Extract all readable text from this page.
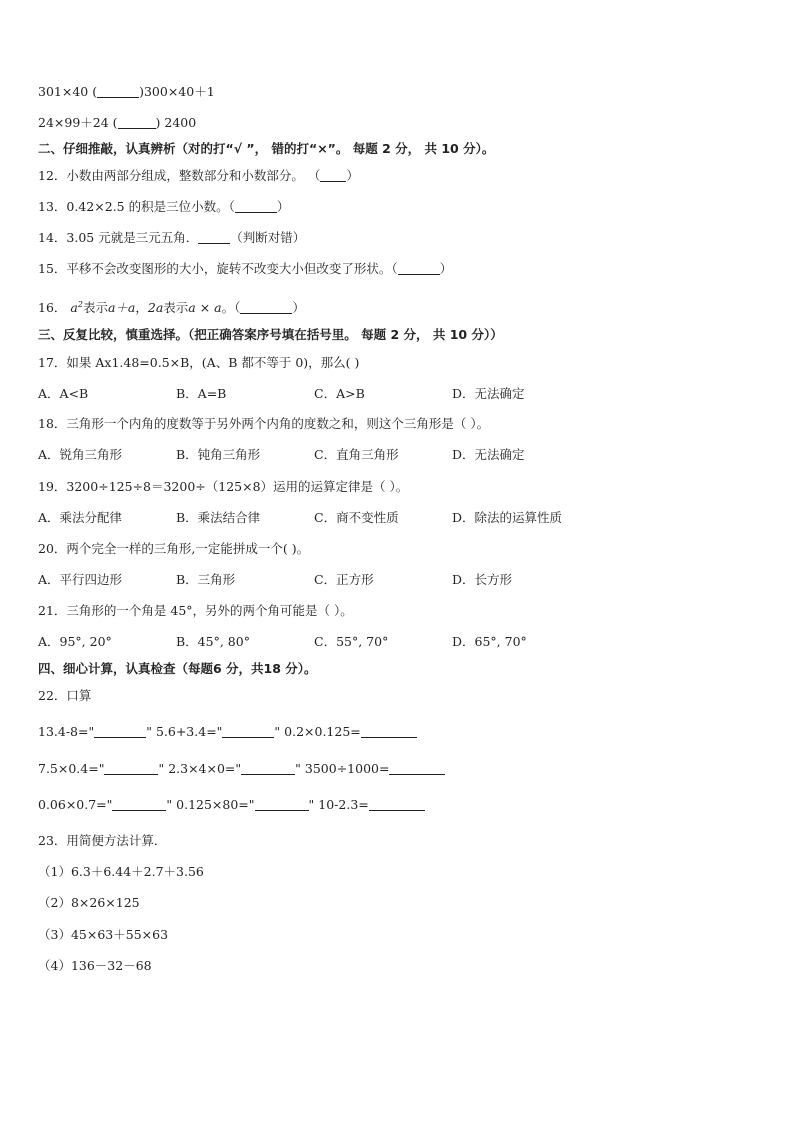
301×40 (	)300×40＋1
24×99＋24 (	) 2400
二、仔细推敲，认真辨析（对的打“√ ”， 错的打“×”。 每题 2 分， 共 10 分）。
12．小数由两部分组成，整数部分和小数部分。 （ ）
13．0.42×2.5 的积是三位小数。（	）
14．3.05 元就是三元五角．	（判断对错）
15．平移不会改变图形的大小，旋转不改变大小但改变了形状。（	）
16． $a^2$表示a＋a，2a表示a × a。（	）
三、反复比较，慎重选择。（把正确答案序号填在括号里。 每题 2 分， 共 10 分））
17．如果 Ax1.48=0.5×B，(A、B 都不等于 0)，那么( )
A．A<B	B．A=B	C．A>B	D．无法确定
18．三角形一个内角的度数等于另外两个内角的度数之和，则这个三角形是（ ）。
A．锐角三角形	B．钝角三角形	C．直角三角形	D．无法确定
19．3200÷125÷8＝3200÷（125×8）运用的运算定律是（ ）。
A．乘法分配律	B．乘法结合律	C．商不变性质	D．除法的运算性质
20．两个完全一样的三角形,一定能拼成一个( )。
A．平行四边形	B．三角形	C．正方形	D．长方形
21．三角形的一个角是 45°，另外的两个角可能是（ ）。
A．95°, 20°	B．45°, 80°	C．55°, 70°	D．65°, 70°
四、细心计算，认真检查（每题6 分，共18 分）。
22．口算
13.4-8="	" 5.6+3.4="	" 0.2×0.125=
7.5×0.4="	" 2.3×4×0="	" 3500÷1000=
0.06×0.7="	" 0.125×80="	" 10-2.3=
23．用简便方法计算．
（1）6.3＋6.44＋2.7＋3.56
（2）8×26×125
（3）45×63＋55×63
（4）136－32－68
